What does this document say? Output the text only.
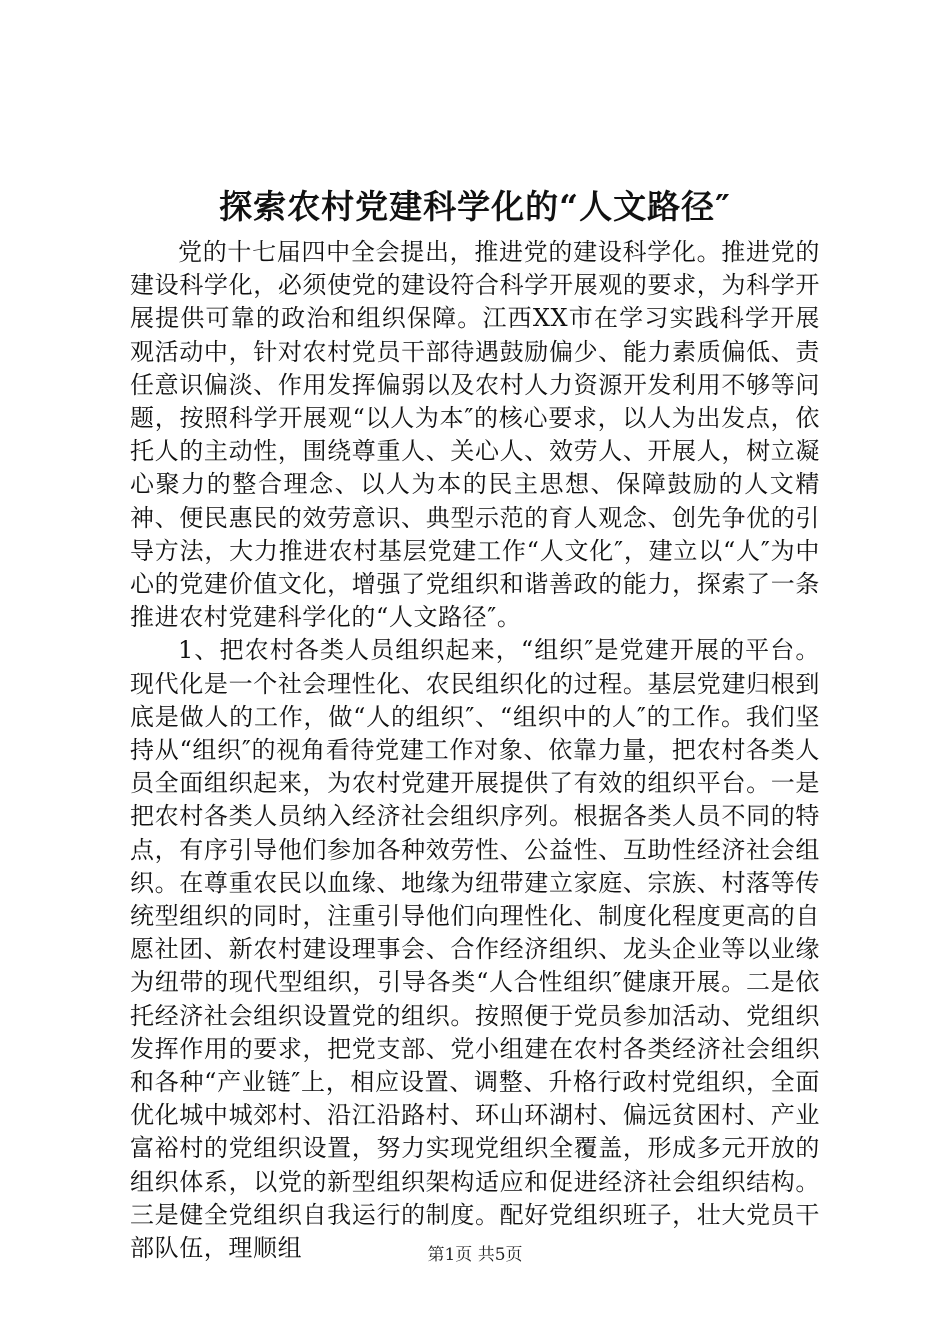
探索农村党建科学化的“人文路径″

党的十七届四中全会提出，推进党的建设科学化。推进党的建设科学化，必须使党的建设符合科学开展观的要求，为科学开展提供可靠的政治和组织保障。江西XX市在学习实践科学开展观活动中，针对农村党员干部待遇鼓励偏少、能力素质偏低、责任意识偏淡、作用发挥偏弱以及农村人力资源开发利用不够等问题，按照科学开展观“以人为本″的核心要求，以人为出发点，依托人的主动性，围绕尊重人、关心人、效劳人、开展人，树立凝心聚力的整合理念、以人为本的民主思想、保障鼓励的人文精神、便民惠民的效劳意识、典型示范的育人观念、创先争优的引导方法，大力推进农村基层党建工作“人文化″，建立以“人″为中心的党建价值文化，增强了党组织和谐善政的能力，探索了一条推进农村党建科学化的“人文路径″。

1、把农村各类人员组织起来，“组织″是党建开展的平台。现代化是一个社会理性化、农民组织化的过程。基层党建归根到底是做人的工作，做“人的组织″、“组织中的人″的工作。我们坚持从“组织″的视角看待党建工作对象、依靠力量，把农村各类人员全面组织起来，为农村党建开展提供了有效的组织平台。一是把农村各类人员纳入经济社会组织序列。根据各类人员不同的特点，有序引导他们参加各种效劳性、公益性、互助性经济社会组织。在尊重农民以血缘、地缘为纽带建立家庭、宗族、村落等传统型组织的同时，注重引导他们向理性化、制度化程度更高的自愿社团、新农村建设理事会、合作经济组织、龙头企业等以业缘为纽带的现代型组织，引导各类“人合性组织″健康开展。二是依托经济社会组织设置党的组织。按照便于党员参加活动、党组织发挥作用的要求，把党支部、党小组建在农村各类经济社会组织和各种“产业链″上，相应设置、调整、升格行政村党组织，全面优化城中城郊村、沿江沿路村、环山环湖村、偏远贫困村、产业富裕村的党组织设置，努力实现党组织全覆盖，形成多元开放的组织体系，以党的新型组织架构适应和促进经济社会组织结构。三是健全党组织自我运行的制度。配好党组织班子，壮大党员干部队伍，理顺组	第1页 共5页
